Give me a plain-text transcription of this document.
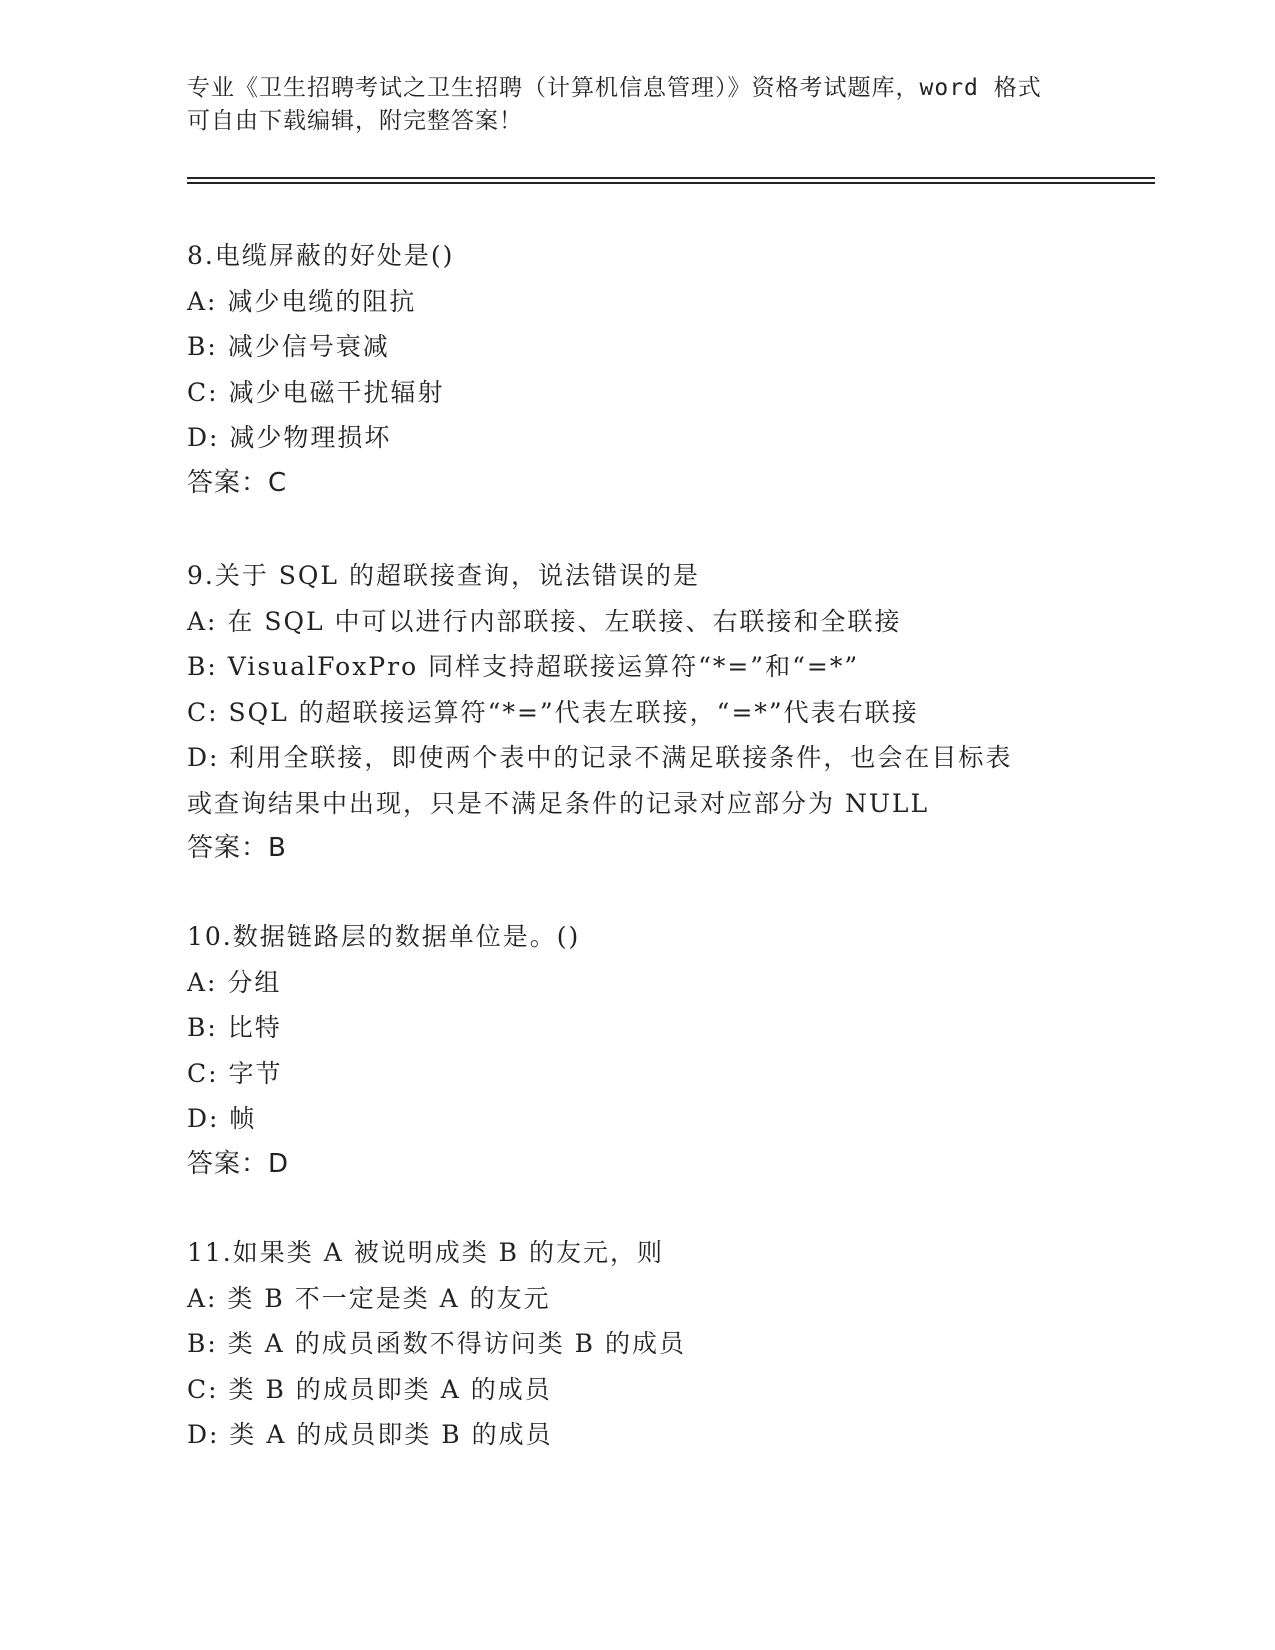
专业《卫生招聘考试之卫生招聘（计算机信息管理）》资格考试题库，word 格式
可自由下载编辑，附完整答案！
8.电缆屏蔽的好处是()
A: 减少电缆的阻抗
B: 减少信号衰减
C: 减少电磁干扰辐射
D: 减少物理损坏
答案：C
9.关于 SQL 的超联接查询，说法错误的是
A: 在 SQL 中可以进行内部联接、左联接、右联接和全联接
B: VisualFoxPro 同样支持超联接运算符“*=”和“=*”
C: SQL 的超联接运算符“*=”代表左联接，“=*”代表右联接
D: 利用全联接，即使两个表中的记录不满足联接条件，也会在目标表
或查询结果中出现，只是不满足条件的记录对应部分为 NULL
答案：B
10.数据链路层的数据单位是。()
A: 分组
B: 比特
C: 字节
D: 帧
答案：D
11.如果类 A 被说明成类 B 的友元，则
A: 类 B 不一定是类 A 的友元
B: 类 A 的成员函数不得访问类 B 的成员
C: 类 B 的成员即类 A 的成员
D: 类 A 的成员即类 B 的成员
